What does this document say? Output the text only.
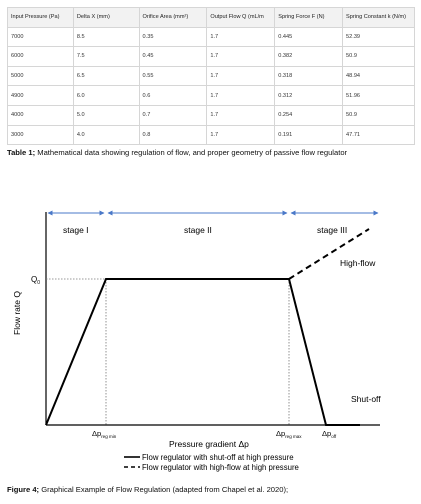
Input Pressure (Pa)	Delta X (mm)	Orifice Area (mm²)	Output Flow Q (mL/m	Spring Force F (N)	Spring Constant k (N/m)
7000	8.5	0.35	1.7	0.445	52.39
6000	7.5	0.45	1.7	0.382	50.9
5000	6.5	0.55	1.7	0.318	48.94
4900	6.0	0.6	1.7	0.312	51.96
4000	5.0	0.7	1.7	0.254	50.9
3000	4.0	0.8	1.7	0.191	47.71
Table 1; Mathematical data showing regulation of flow, and proper geometry of passive flow regulator
stage I	stage II	stage III
$Q_0$
High-flow
Shut-off
Flow rate Q
$\Delta p_{reg min}$	$\Delta p_{reg max}$	$\Delta p_{off}$
Pressure gradient Δp
Flow regulator with shut-off at high pressure
Flow regulator with high-flow at high pressure
Figure 4; Graphical Example of Flow Regulation (adapted from Chapel et al. 2020);
